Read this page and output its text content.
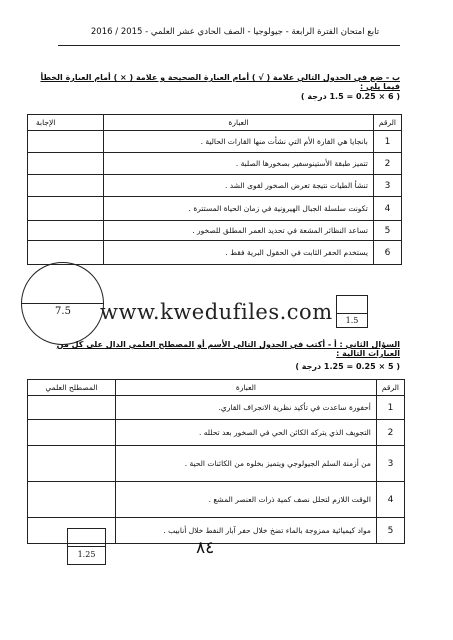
تابع امتحان الفترة الرابعة - جيولوجيا - الصف الحادي عشر العلمي - 2015 / 2016
ب - ضع في الجدول التالي علامة ( √ ) أمام العبارة الصحيحة و علامة ( × ) أمام العبارة الخطأ فيما يلي :
( 6 × 0.25 = 1.5 درجة )
الرقم	العبارة	الإجابة
1	بانجايا هي القارة الأم التي نشأت منها القارات الحالية .	
2	تتميز طبقة الأستينوسفير بصخورها الصلبة .	
3	تنشأ الطيات نتيجة تعرض الصخور لقوى الشد .	
4	تكونت سلسلة الجبال الهيرونية في زمان الحياة المستترة .	
5	تساعد النظائر المشعة في تحديد العمر المطلق للصخور .	
6	يستخدم الحفر الثابت في الحقول البرية فقط .	
7.5	www.kwedufiles.com	1.5
السؤال الثاني : أ - أكتب في الجدول التالي الأسم أو المصطلح العلمي الدال على كل من العبارات التالية :
( 5 × 0.25 = 1.25 درجة )
الرقم	العبارة	المصطلح العلمي
1	أحفورة ساعدت في تأكيد نظرية الانجراف القاري.	
2	التجويف الذي يتركه الكائن الحي في الصخور بعد تحلله .	
3	من أزمنة السلم الجيولوجي ويتميز بخلوه من الكائنات الحية .	
4	الوقت اللازم لتحلل نصف كمية ذرات العنصر المشع .	
5	مواد كيميائية ممزوجة بالماء تضخ خلال حفر آبار النفط خلال أنابيب .	
1.25	٨٤
